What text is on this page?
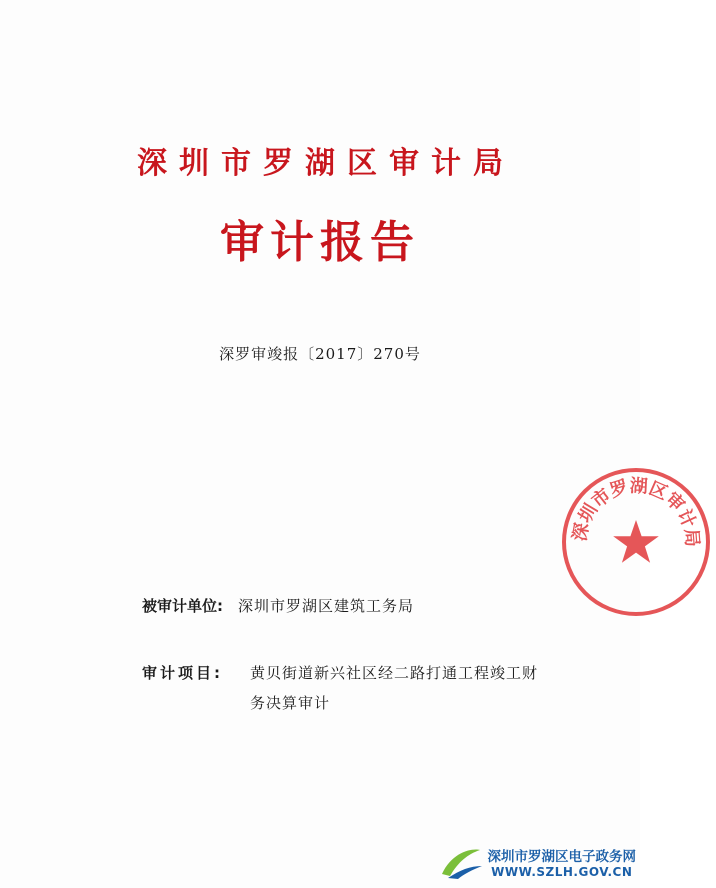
深圳市罗湖区审计局
审计报告
深罗审竣报〔2017〕270号
被审计单位:	深圳市罗湖区建筑工务局
审计项目:	黄贝街道新兴社区经二路打通工程竣工财务决算审计
深圳市罗湖区审计局
深圳市罗湖区电子政务网
WWW.SZLH.GOV.CN
